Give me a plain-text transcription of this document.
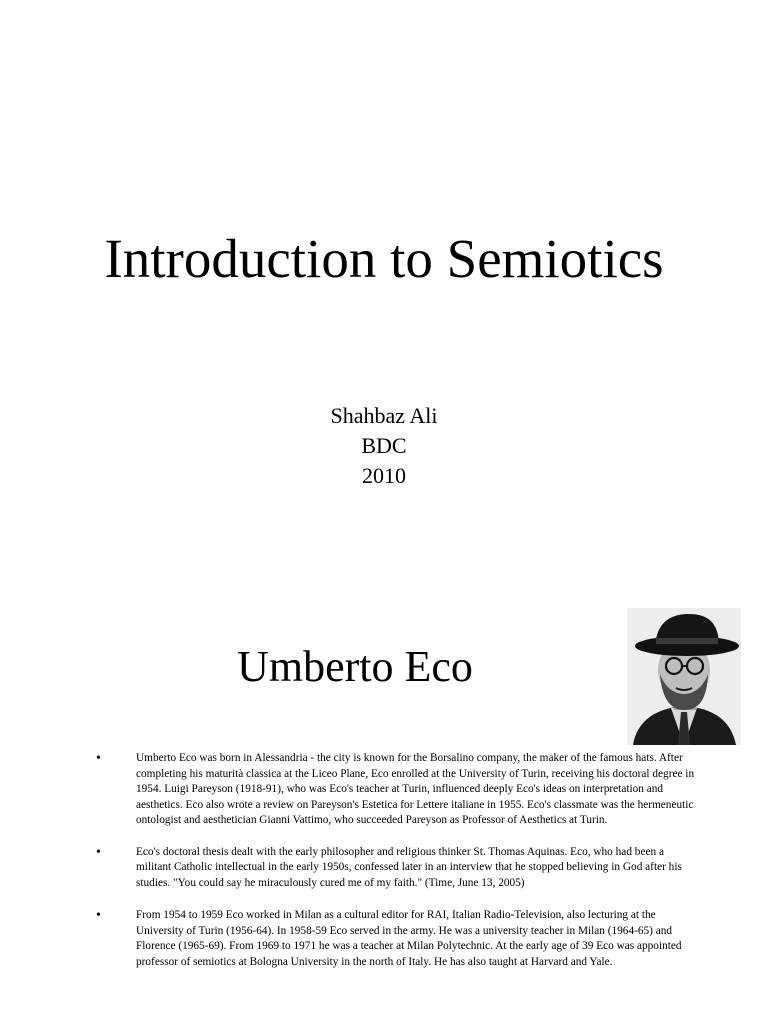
Introduction to Semiotics
Shahbaz Ali
BDC
2010
Umberto Eco
•	Umberto Eco was born in Alessandria - the city is known for the Borsalino company, the maker of the famous hats. After completing his maturità classica at the Liceo Plane, Eco enrolled at the University of Turin, receiving his doctoral degree in 1954. Luigi Pareyson (1918-91), who was Eco's teacher at Turin, influenced deeply Eco's ideas on interpretation and aesthetics. Eco also wrote a review on Pareyson's Estetica for Lettere italiane in 1955. Eco's classmate was the hermeneutic ontologist and aesthetician Gianni Vattimo, who succeeded Pareyson as Professor of Aesthetics at Turin.
•	Eco's doctoral thesis dealt with the early philosopher and religious thinker St. Thomas Aquinas. Eco, who had been a militant Catholic intellectual in the early 1950s, confessed later in an interview that he stopped believing in God after his studies. "You could say he miraculously cured me of my faith." (Time, June 13, 2005)
•	From 1954 to 1959 Eco worked in Milan as a cultural editor for RAI, Italian Radio-Television, also lecturing at the University of Turin (1956-64). In 1958-59 Eco served in the army. He was a university teacher in Milan (1964-65) and Florence (1965-69). From 1969 to 1971 he was a teacher at Milan Polytechnic. At the early age of 39 Eco was appointed professor of semiotics at Bologna University in the north of Italy. He has also taught at Harvard and Yale.
